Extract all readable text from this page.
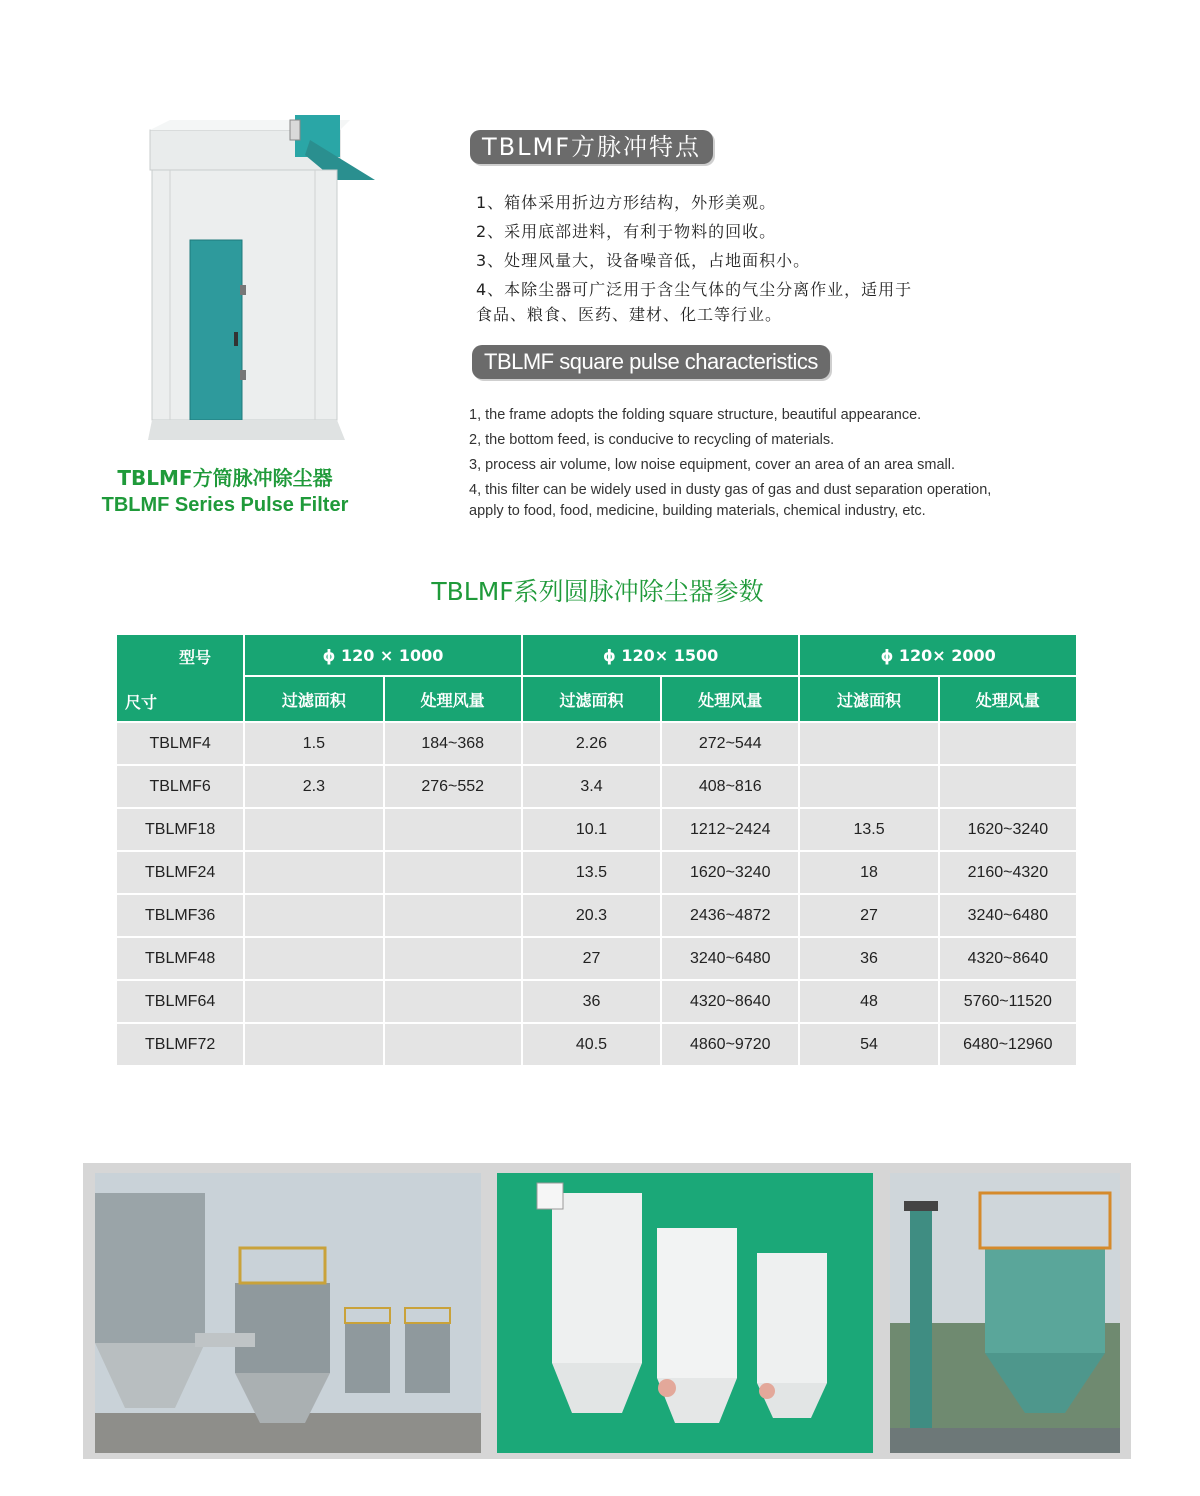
TBLMF方筒脉冲除尘器
TBLMF Series Pulse Filter
TBLMF方脉冲特点
1、箱体采用折边方形结构，外形美观。
2、采用底部进料，有利于物料的回收。
3、处理风量大，设备噪音低，占地面积小。
4、本除尘器可广泛用于含尘气体的气尘分离作业，适用于
食品、粮食、医药、建材、化工等行业。
TBLMF square pulse characteristics
1, the frame adopts the folding square structure, beautiful appearance.
2, the bottom feed, is conducive to recycling of materials.
3, process air volume, low noise equipment, cover an area of an area small.
4, this filter can be widely used in dusty gas of gas and dust separation operation,
apply to food, food, medicine, building materials, chemical industry, etc.
TBLMF系列圆脉冲除尘器参数
型号
尺寸	ϕ 120 × 1000		ϕ 120× 1500		ϕ 120× 2000	
	过滤面积	处理风量	过滤面积	处理风量	过滤面积	处理风量
TBLMF4	1.5	184~368	2.26	272~544		
TBLMF6	2.3	276~552	3.4	408~816		
TBLMF18			10.1	1212~2424	13.5	1620~3240
TBLMF24			13.5	1620~3240	18	2160~4320
TBLMF36			20.3	2436~4872	27	3240~6480
TBLMF48			27	3240~6480	36	4320~8640
TBLMF64			36	4320~8640	48	5760~11520
TBLMF72			40.5	4860~9720	54	6480~12960
